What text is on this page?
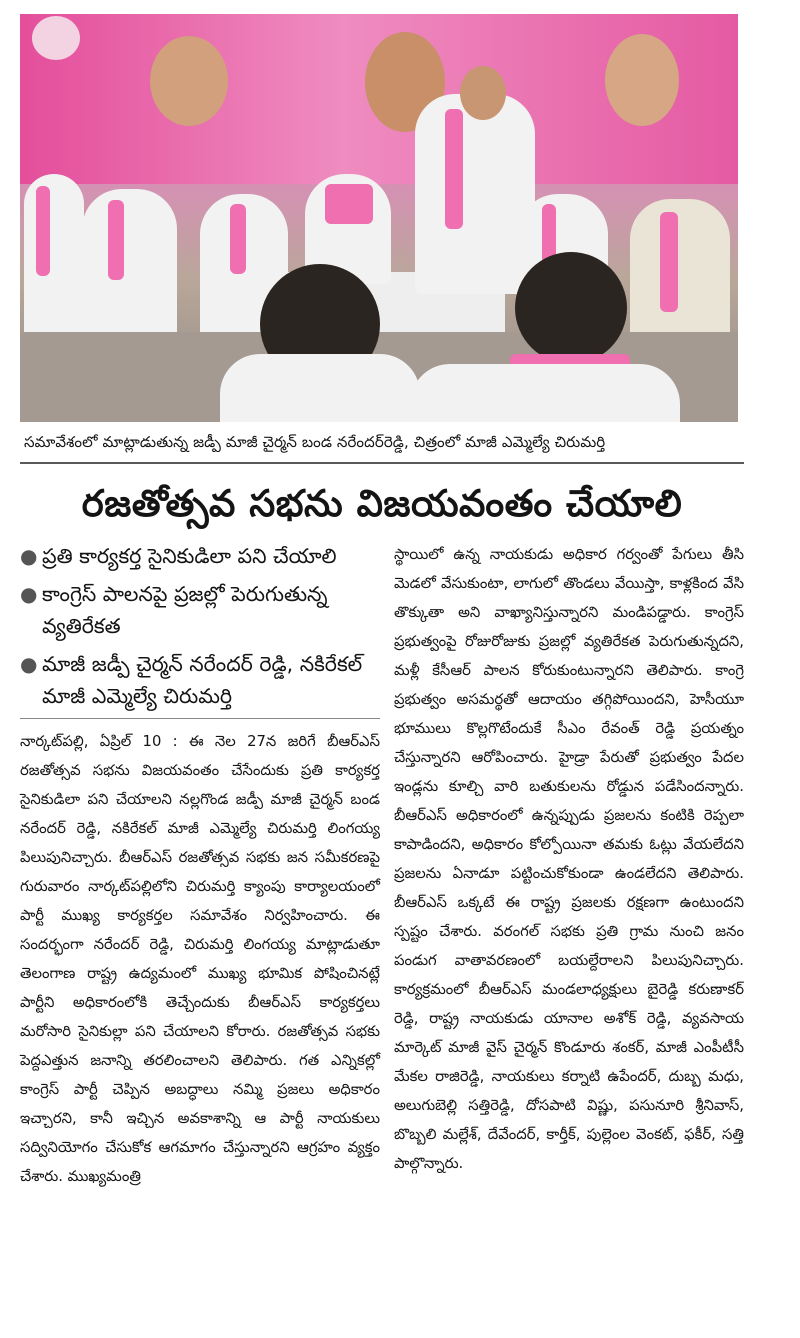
సమావేశంలో మాట్లాడుతున్న జడ్పీ మాజీ చైర్మన్ బండ నరేందర్‌రెడ్డి, చిత్రంలో మాజీ ఎమ్మెల్యే చిరుమర్తి
రజతోత్సవ సభను విజయవంతం చేయాలి
● ప్రతి కార్యకర్త సైనికుడిలా పని చేయాలి
● కాంగ్రెస్ పాలనపై ప్రజల్లో పెరుగుతున్న వ్యతిరేకత
● మాజీ జడ్పీ చైర్మన్ నరేందర్ రెడ్డి, నకిరేకల్ మాజీ ఎమ్మెల్యే చిరుమర్తి

నార్కట్‌పల్లి, ఏప్రిల్ 10 : ఈ నెల 27న జరిగే బీఆర్ఎస్ రజతోత్సవ సభను విజయవంతం చేసేందుకు ప్రతి కార్యకర్త సైనికుడిలా పని చేయాలని నల్లగొండ జడ్పీ మాజీ చైర్మన్ బండ నరేందర్ రెడ్డి, నకిరేకల్ మాజీ ఎమ్మెల్యే చిరుమర్తి లింగయ్య పిలుపునిచ్చారు. బీఆర్ఎస్ రజతోత్సవ సభకు జన సమీకరణపై గురువారం నార్కట్‌పల్లిలోని చిరుమర్తి క్యాంపు కార్యాలయంలో పార్టీ ముఖ్య కార్యకర్తల సమావేశం నిర్వహించారు. ఈ సందర్భంగా నరేందర్ రెడ్డి, చిరుమర్తి లింగయ్య మాట్లాడుతూ తెలంగాణ రాష్ట్ర ఉద్యమంలో ముఖ్య భూమిక పోషించినట్లే పార్టీని అధికారంలోకి తెచ్చేందుకు బీఆర్ఎస్ కార్యకర్తలు మరోసారి సైనికుల్లా పని చేయాలని కోరారు. రజతోత్సవ సభకు పెద్దఎత్తున జనాన్ని తరలించాలని తెలిపారు. గత ఎన్నికల్లో కాంగ్రెస్ పార్టీ చెప్పిన అబద్ధాలు నమ్మి ప్రజలు అధికారం ఇచ్చారని, కానీ ఇచ్చిన అవకాశాన్ని ఆ పార్టీ నాయకులు సద్వినియోగం చేసుకోక ఆగమాగం చేస్తున్నారని ఆగ్రహం వ్యక్తం చేశారు. ముఖ్యమంత్రి

స్థాయిలో ఉన్న నాయకుడు అధికార గర్వంతో పేగులు తీసి మెడలో వేసుకుంటా, లాగులో తొండలు వేయిస్తా, కాళ్లకింద వేసి తొక్కుతా అని వాఖ్యానిస్తున్నారని మండిపడ్డారు. కాంగ్రెస్ ప్రభుత్వంపై రోజురోజుకు ప్రజల్లో వ్యతిరేకత పెరుగుతున్నదని, మళ్లీ కేసీఆర్ పాలన కోరుకుంటున్నారని తెలిపారు. కాంగ్రె ప్రభుత్వం అసమర్థతో ఆదాయం తగ్గిపోయిందని, హెసీయూ భూములు కొల్లగొటేందుకే సీఎం రేవంత్ రెడ్డి ప్రయత్నం చేస్తున్నారని ఆరోపించారు. హైడ్రా పేరుతో ప్రభుత్వం పేదల ఇండ్లను కూల్చి వారి బతుకులను రోడ్డున పడేసిందన్నారు. బీఆర్ఎస్ అధికారంలో ఉన్నప్పుడు ప్రజలను కంటికి రెప్పలా కాపాడిందని, అధికారం కోల్పోయినా తమకు ఓట్లు వేయలేదని ప్రజలను ఏనాడూ పట్టించుకోకుండా ఉండలేదని తెలిపారు. బీఆర్ఎస్ ఒక్కటే ఈ రాష్ట్ర ప్రజలకు రక్షణగా ఉంటుందని స్పష్టం చేశారు. వరంగల్ సభకు ప్రతి గ్రామ నుంచి జనం పండుగ వాతావరణంలో బయల్దేరాలని పిలుపునిచ్చారు. కార్యక్రమంలో బీఆర్ఎస్ మండలాధ్యక్షులు బైరెడ్డి కరుణాకర్ రెడ్డి, రాష్ట్ర నాయకుడు యానాల అశోక్ రెడ్డి, వ్యవసాయ మార్కెట్ మాజీ వైస్ చైర్మన్ కొండూరు శంకర్, మాజీ ఎంపీటీసీ మేకల రాజిరెడ్డి, నాయకులు కర్నాటి ఉపేందర్, దుబ్బ మధు, అలుగుబెల్లి సత్తిరెడ్డి, దోసపాటి విష్ణు, పసునూరి శ్రీనివాస్, బొబ్బలి మల్లేశ్, దేవేందర్, కార్తీక్, పుల్లెంల వెంకట్, ఫకీర్, సత్తి పాల్గొన్నారు.
